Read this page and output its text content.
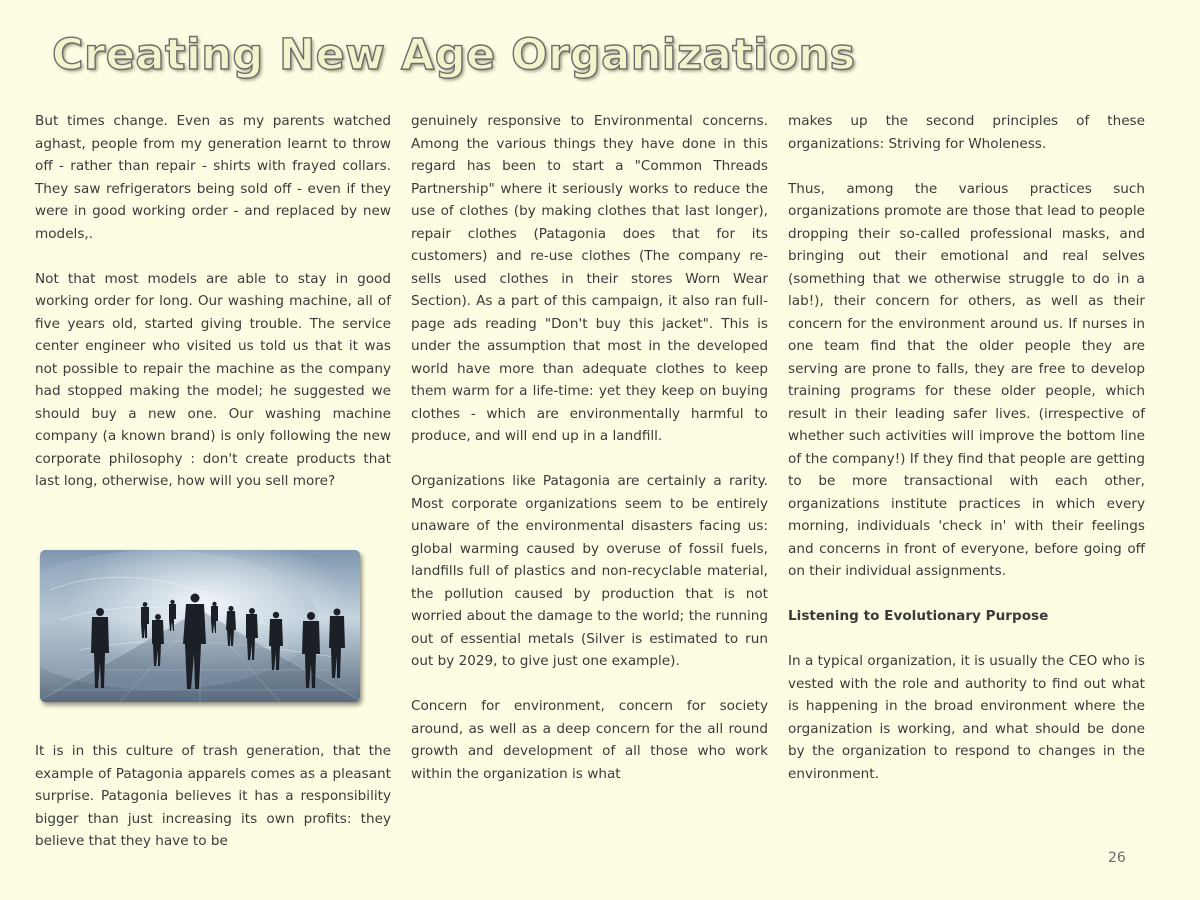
Creating New Age Organizations

But times change. Even as my parents watched aghast, people from my generation learnt to throw off - rather than repair - shirts with frayed collars. They saw refrigerators being sold off - even if they were in good working order - and replaced by new models,.

Not that most models are able to stay in good working order for long. Our washing machine, all of five years old, started giving trouble. The service center engineer who visited us told us that it was not possible to repair the machine as the company had stopped making the model; he suggested we should buy a new one. Our washing machine company (a known brand) is only following the new corporate philosophy : don't create products that last long, otherwise, how will you sell more?

It is in this culture of trash generation, that the example of Patagonia apparels comes as a pleasant surprise. Patagonia believes it has a responsibility bigger than just increasing its own profits: they believe that they have to be

genuinely responsive to Environmental concerns. Among the various things they have done in this regard has been to start a "Common Threads Partnership" where it seriously works to reduce the use of clothes (by making clothes that last longer), repair clothes (Patagonia does that for its customers) and re-use clothes (The company re-sells used clothes in their stores Worn Wear Section). As a part of this campaign, it also ran full-page ads reading "Don't buy this jacket". This is under the assumption that most in the developed world have more than adequate clothes to keep them warm for a life-time: yet they keep on buying clothes - which are environmentally harmful to produce, and will end up in a landfill.

Organizations like Patagonia are certainly a rarity. Most corporate organizations seem to be entirely unaware of the environmental disasters facing us: global warming caused by overuse of fossil fuels, landfills full of plastics and non-recyclable material, the pollution caused by production that is not worried about the damage to the world; the running out of essential metals (Silver is estimated to run out by 2029, to give just one example).

Concern for environment, concern for society around, as well as a deep concern for the all round growth and development of all those who work within the organization is what

makes up the second principles of these organizations: Striving for Wholeness.

Thus, among the various practices such organizations promote are those that lead to people dropping their so-called professional masks, and bringing out their emotional and real selves (something that we otherwise struggle to do in a lab!), their concern for others, as well as their concern for the environment around us. If nurses in one team find that the older people they are serving are prone to falls, they are free to develop training programs for these older people, which result in their leading safer lives. (irrespective of whether such activities will improve the bottom line of the company!) If they find that people are getting to be more transactional with each other, organizations institute practices in which every morning, individuals 'check in' with their feelings and concerns in front of everyone, before going off on their individual assignments.

Listening to Evolutionary Purpose

In a typical organization, it is usually the CEO who is vested with the role and authority to find out what is happening in the broad environment where the organization is working, and what should be done by the organization to respond to changes in the environment.

26
